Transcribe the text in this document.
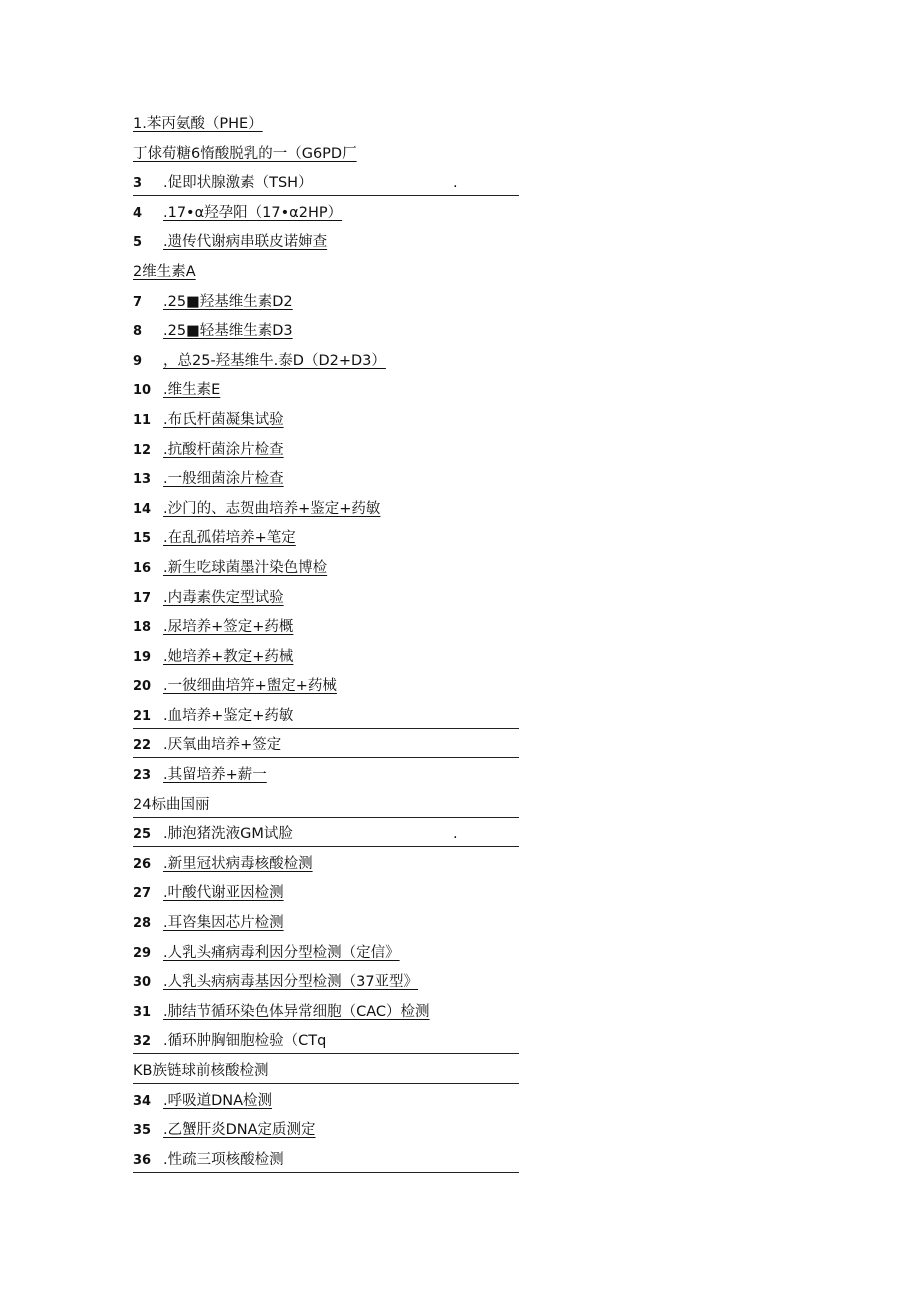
1.苯丙氨酸（PHE）
丁俅荀糖6惰酸脱乳的一（G6PD厂
3 .促即状腺激素（TSH）	.
4 .17•α羟孕阳（17•α2HP）
5 .遗传代谢病串联皮诺婶查
2维生素A
7 .25■羟基维生素D2
8 .25■轻基维生素D3
9 ，总25-羟基维牛.泰D（D2+D3）
10 .维生素E
11 .布氏杆菌凝集试验
12 .抗酸杆菌涂片检查
13 .一般细菌涂片检查
14 .沙门的、志贺曲培养+鉴定+药敏
15 .在乱孤偌培养+笔定
16 .新生吃球菌墨汁染色博检
17 .内毒素佚定型试验
18 .尿培养+签定+药概
19 .她培养+教定+药械
20 .一彼细曲培笄+盥定+药械
21 .血培养+鉴定+药敏
22 .厌氧曲培养+签定
23 .其留培养+薪一
24标曲国丽
25 .肺泡猪洗液GM试脸	.
26 .新里冠状病毒核酸检测
27 .叶酸代谢亚因检测
28 .耳咨集因芯片检测
29 .人乳头痛病毒利因分型检测（定信》
30 .人乳头病病毒基因分型检测（37亚型》
31 .肺结节循环染色体异常细胞（CAC）检测
32 .循环肿胸钿胞检验（CTq
KB族链球前核酸检测
34 .呼吸道DNA检测
35 .乙蟹肝炎DNA定质测定
36 .性疏三项核酸检测
